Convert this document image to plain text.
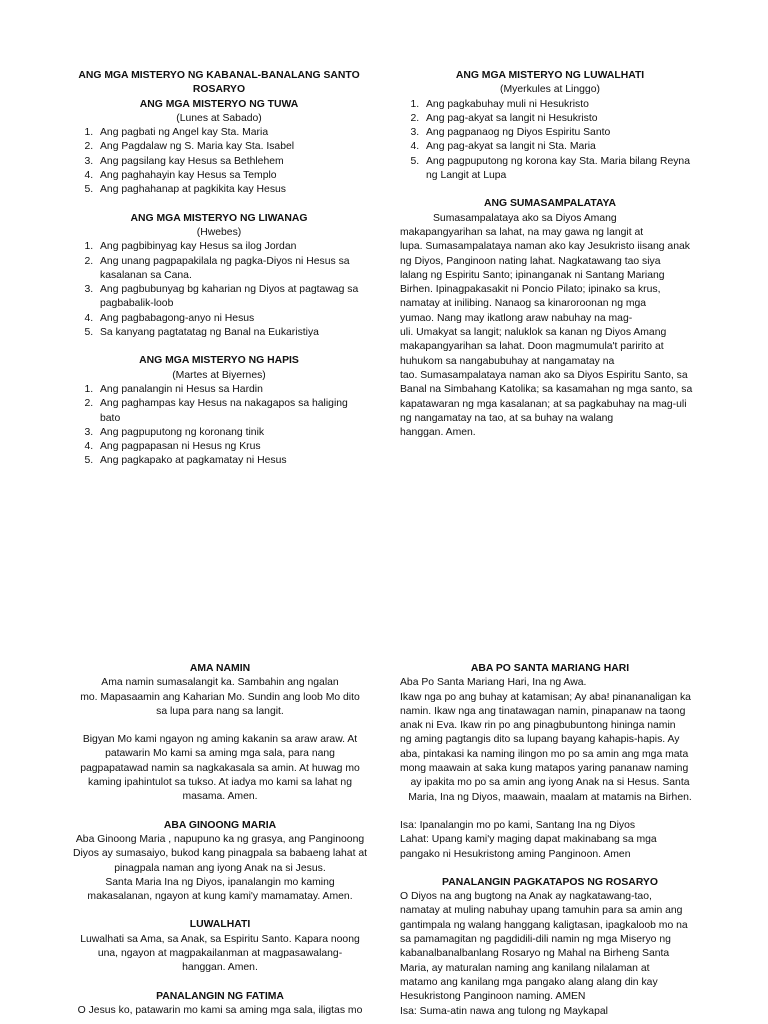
ANG MGA MISTERYO NG KABANAL-BANALANG SANTO
ROSARYO
ANG MGA MISTERYO NG TUWA
(Lunes at Sabado)
1. Ang pagbati ng Angel kay Sta. Maria
2. Ang Pagdalaw ng S. Maria kay Sta. Isabel
3. Ang pagsilang kay Hesus sa Bethlehem
4. Ang paghahayin kay Hesus sa Templo
5. Ang paghahanap at pagkikita kay Hesus
ANG MGA MISTERYO NG LIWANAG
(Hwebes)
1. Ang pagbibinyag kay Hesus sa ilog Jordan
2. Ang unang pagpapakilala ng pagka-Diyos ni Hesus sa kasalanan sa Cana.
3. Ang pagbubunyag bg kaharian ng Diyos at pagtawag sa pagbabalik-loob
4. Ang pagbabagong-anyo ni Hesus
5. Sa kanyang pagtatatag ng Banal na Eukaristiya
ANG MGA MISTERYO NG HAPIS
(Martes at Biyernes)
1. Ang panalangin ni Hesus sa Hardin
2. Ang paghampas kay Hesus na nakagapos sa haliging bato
3. Ang pagpuputong ng koronang tinik
4. Ang pagpapasan ni Hesus ng Krus
5. Ang pagkapako at pagkamatay ni Hesus
ANG MGA MISTERYO NG LUWALHATI
(Myerkules at Linggo)
1. Ang pagkabuhay muli ni Hesukristo
2. Ang pag-akyat sa langit ni Hesukristo
3. Ang pagpanaog ng Diyos Espiritu Santo
4. Ang pag-akyat sa langit ni Sta. Maria
5. Ang pagpuputong ng korona kay Sta. Maria bilang Reyna ng Langit at Lupa
ANG SUMASAMPALATAYA
Sumasampalataya ako sa Diyos Amang
makapangyarihan sa lahat, na may gawa ng langit at
lupa. Sumasampalataya naman ako kay Jesukristo iisang anak
ng Diyos, Panginoon nating lahat. Nagkatawang tao siya
lalang ng Espiritu Santo; ipinanganak ni Santang Mariang
Birhen. Ipinagpakasakit ni Poncio Pilato; ipinako sa krus,
namatay at inilibing. Nanaog sa kinaroroonan ng mga
yumao. Nang may ikatlong araw nabuhay na mag-
uli. Umakyat sa langit; naluklok sa kanan ng Diyos Amang
makapangyarihan sa lahat. Doon magmumula't paririto at
huhukom sa nangabubuhay at nangamatay na
tao. Sumasampalataya naman ako sa Diyos Espiritu Santo, sa
Banal na Simbahang Katolika; sa kasamahan ng mga santo, sa
kapatawaran ng mga kasalanan; at sa pagkabuhay na mag-uli
ng nangamatay na tao, at sa buhay na walang
hanggan. Amen.
AMA NAMIN
Ama namin sumasalangit ka. Sambahin ang ngalan
mo. Mapasaamin ang Kaharian Mo. Sundin ang loob Mo dito
sa lupa para nang sa langit.
Bigyan Mo kami ngayon ng aming kakanin sa araw araw. At
patawarin Mo kami sa aming mga sala, para nang
pagpapatawad namin sa nagkakasala sa amin. At huwag mo
kaming ipahintulot sa tukso. At iadya mo kami sa lahat ng
masama. Amen.
ABA GINOONG MARIA
Aba Ginoong Maria , napupuno ka ng grasya, ang Panginoong
Diyos ay sumasaiyo, bukod kang pinagpala sa babaeng lahat at
pinagpala naman ang iyong Anak na si Jesus.
Santa Maria Ina ng Diyos, ipanalangin mo kaming
makasalanan, ngayon at kung kami'y mamamatay. Amen.
LUWALHATI
Luwalhati sa Ama, sa Anak, sa Espiritu Santo. Kapara noong
una, ngayon at magpakailanman at magpasawalang-
hanggan. Amen.
PANALANGIN NG FATIMA
O Jesus ko, patawarin mo kami sa aming mga sala, iligtas mo
ABA PO SANTA MARIANG HARI
Aba Po Santa Mariang Hari, Ina ng Awa.
Ikaw nga po ang buhay at katamisan; Ay aba! pinananaligan ka
namin. Ikaw nga ang tinatawagan namin, pinapanaw na taong
anak ni Eva. Ikaw rin po ang pinagbubuntong hininga namin
ng aming pagtangis dito sa lupang bayang kahapis-hapis. Ay
aba, pintakasi ka naming ilingon mo po sa amin ang mga mata
mong maawain at saka kung matapos yaring pananaw naming
ay ipakita mo po sa amin ang iyong Anak na si Hesus. Santa
Maria, Ina ng Diyos, maawain, maalam at matamis na Birhen.
Isa: Ipanalangin mo po kami, Santang Ina ng Diyos
Lahat: Upang kami'y maging dapat makinabang sa mga
pangako ni Hesukristong aming Panginoon. Amen
PANALANGIN PAGKATAPOS NG ROSARYO
O Diyos na ang bugtong na Anak ay nagkatawang-tao,
namatay at muling nabuhay upang tamuhin para sa amin ang
gantimpala ng walang hanggang kaligtasan, ipagkaloob mo na
sa pamamagitan ng pagdidili-dili namin ng mga Miseryo ng
kabanalbanalbanlang Rosaryo ng Mahal na Birheng Santa
Maria, ay maturalan naming ang kanilang nilalaman at
matamo ang kanilang mga pangako alang alang din kay
Hesukristong Panginoon naming. AMEN
Isa: Suma-atin nawa ang tulong ng Maykapal
